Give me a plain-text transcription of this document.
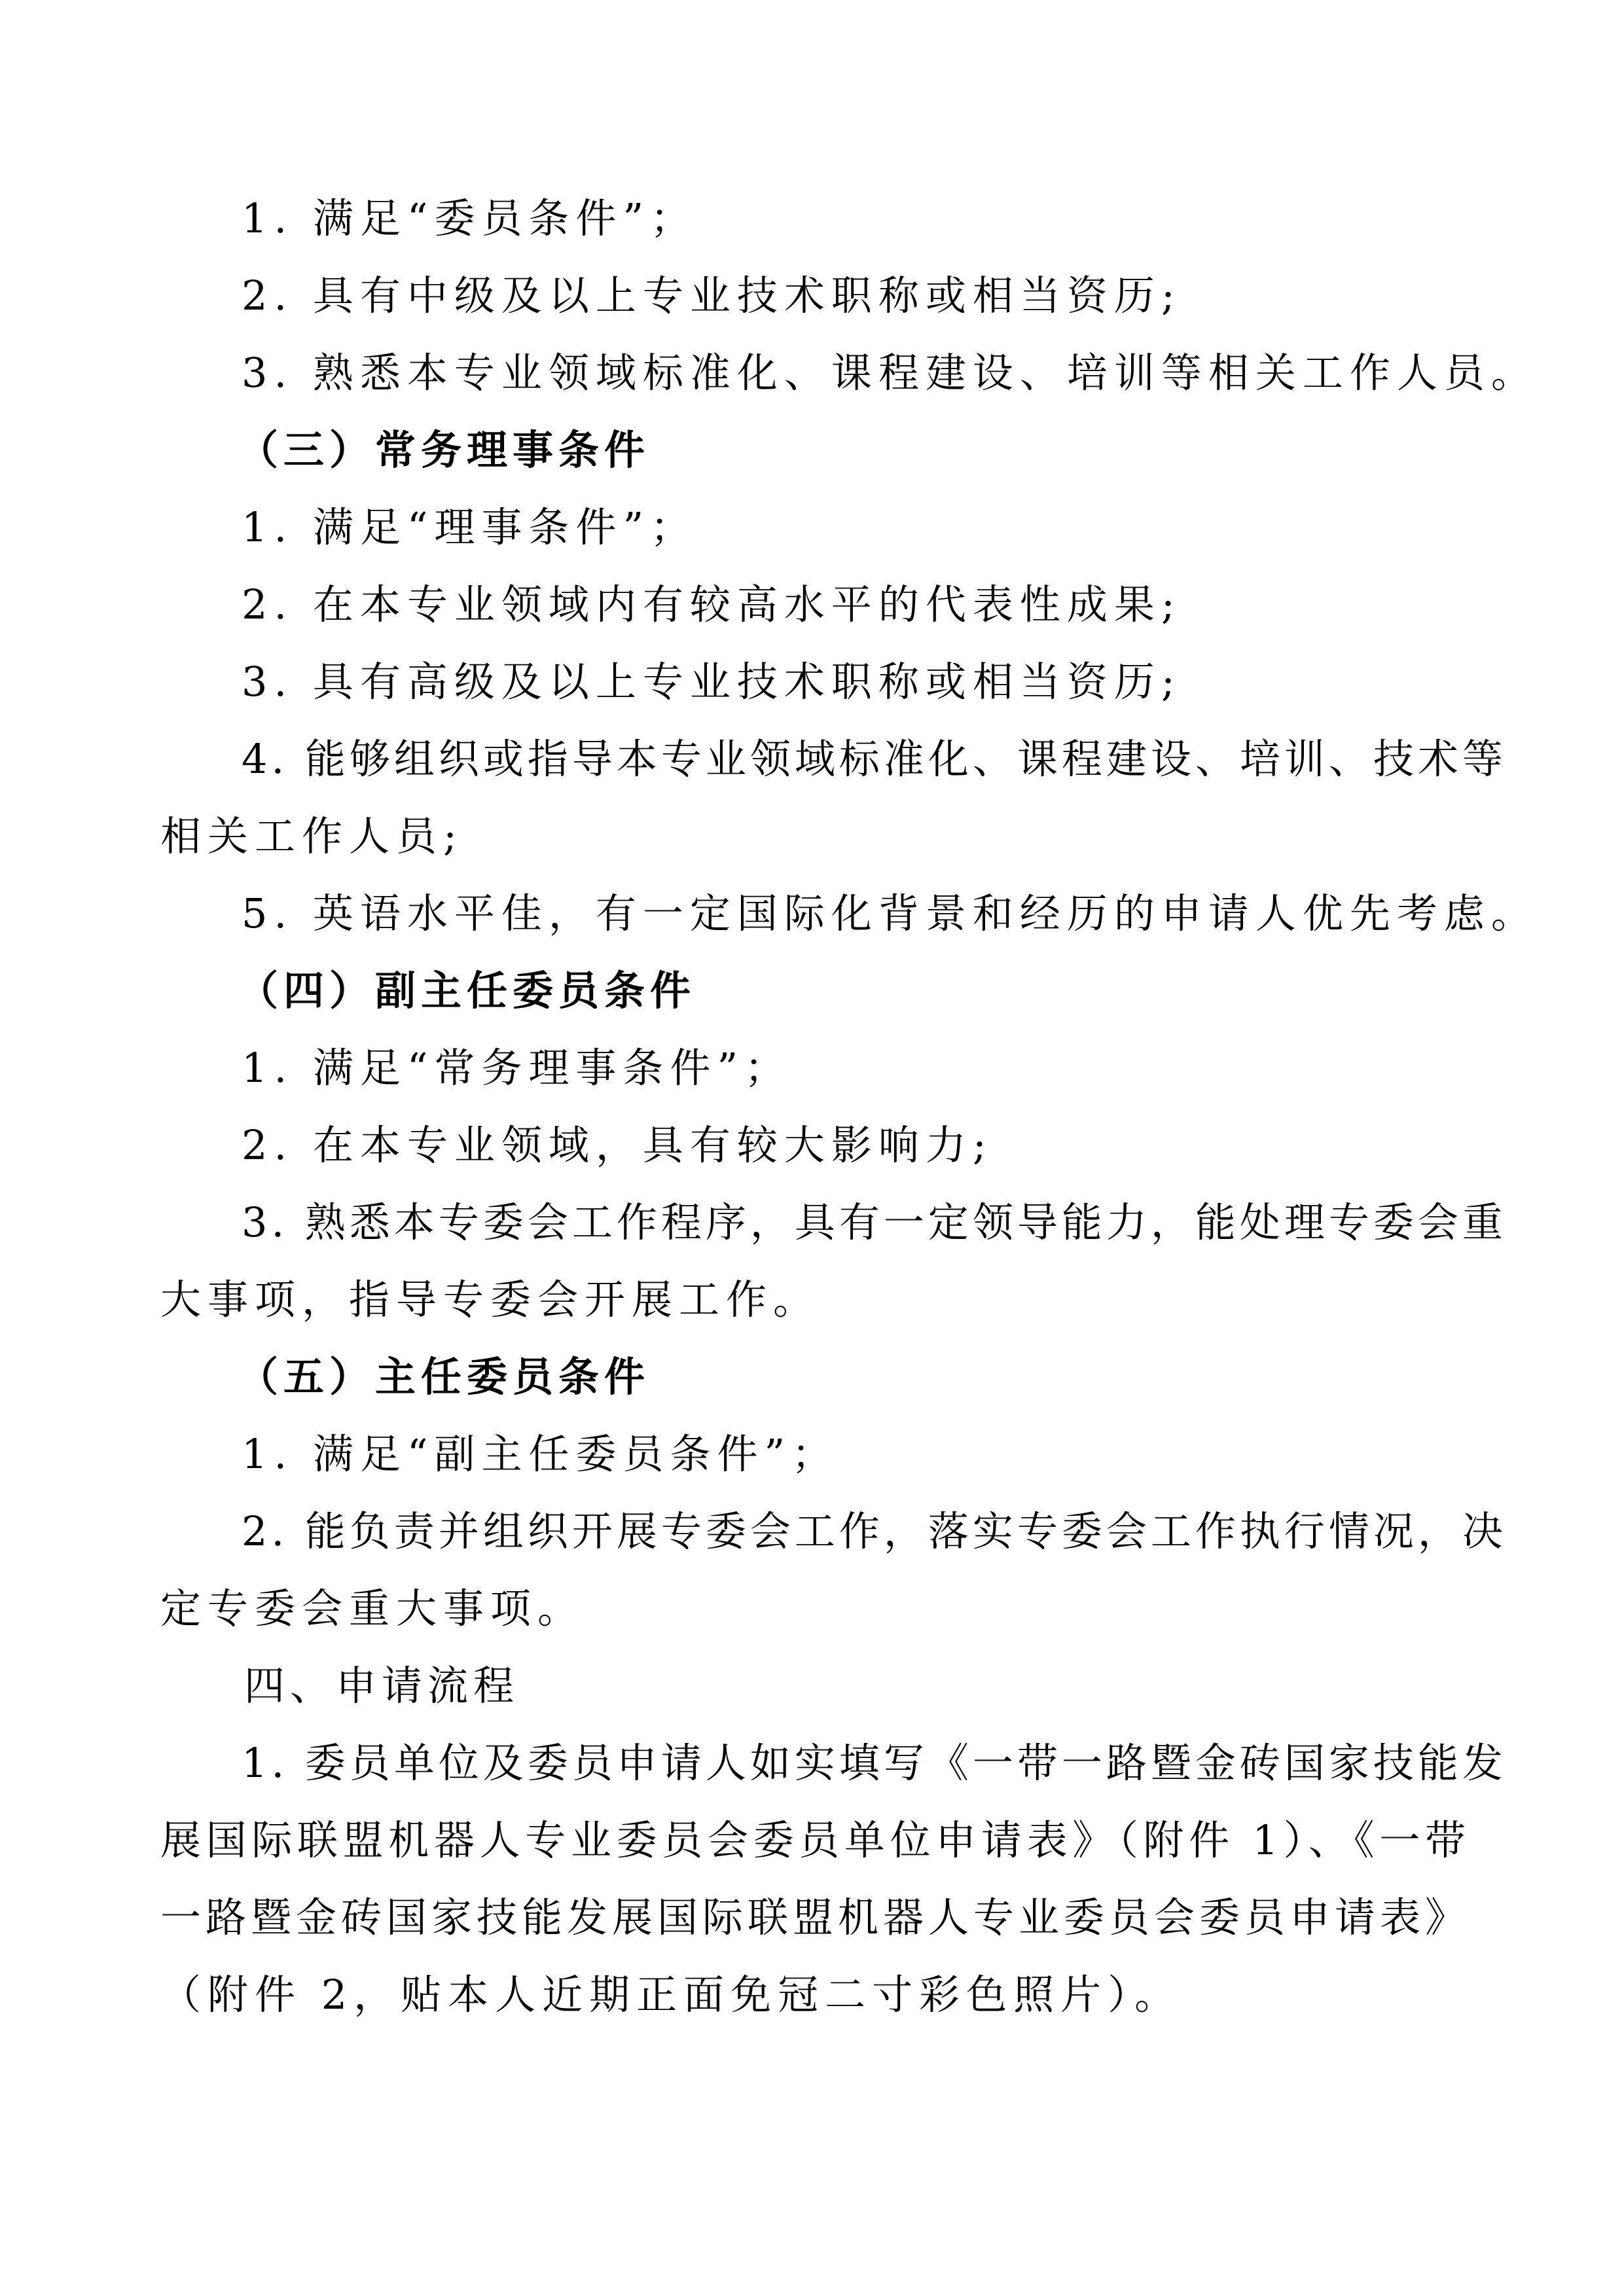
1. 满足“委员条件”；
2. 具有中级及以上专业技术职称或相当资历;
3. 熟悉本专业领域标准化、课程建设、培训等相关工作人员。
（三）常务理事条件
1. 满足“理事条件”；
2. 在本专业领域内有较高水平的代表性成果;
3. 具有高级及以上专业技术职称或相当资历;
4. 能够组织或指导本专业领域标准化、课程建设、培训、技术等
相关工作人员;
5. 英语水平佳，有一定国际化背景和经历的申请人优先考虑。
（四）副主任委员条件
1. 满足“常务理事条件”；
2. 在本专业领域，具有较大影响力;
3. 熟悉本专委会工作程序，具有一定领导能力，能处理专委会重
大事项，指导专委会开展工作。
（五）主任委员条件
1. 满足“副主任委员条件”；
2. 能负责并组织开展专委会工作，落实专委会工作执行情况，决
定专委会重大事项。
四、申请流程
1. 委员单位及委员申请人如实填写《一带一路暨金砖国家技能发
展国际联盟机器人专业委员会委员单位申请表》（附件 1）、《一带
一路暨金砖国家技能发展国际联盟机器人专业委员会委员申请表》
（附件 2，贴本人近期正面免冠二寸彩色照片）。
